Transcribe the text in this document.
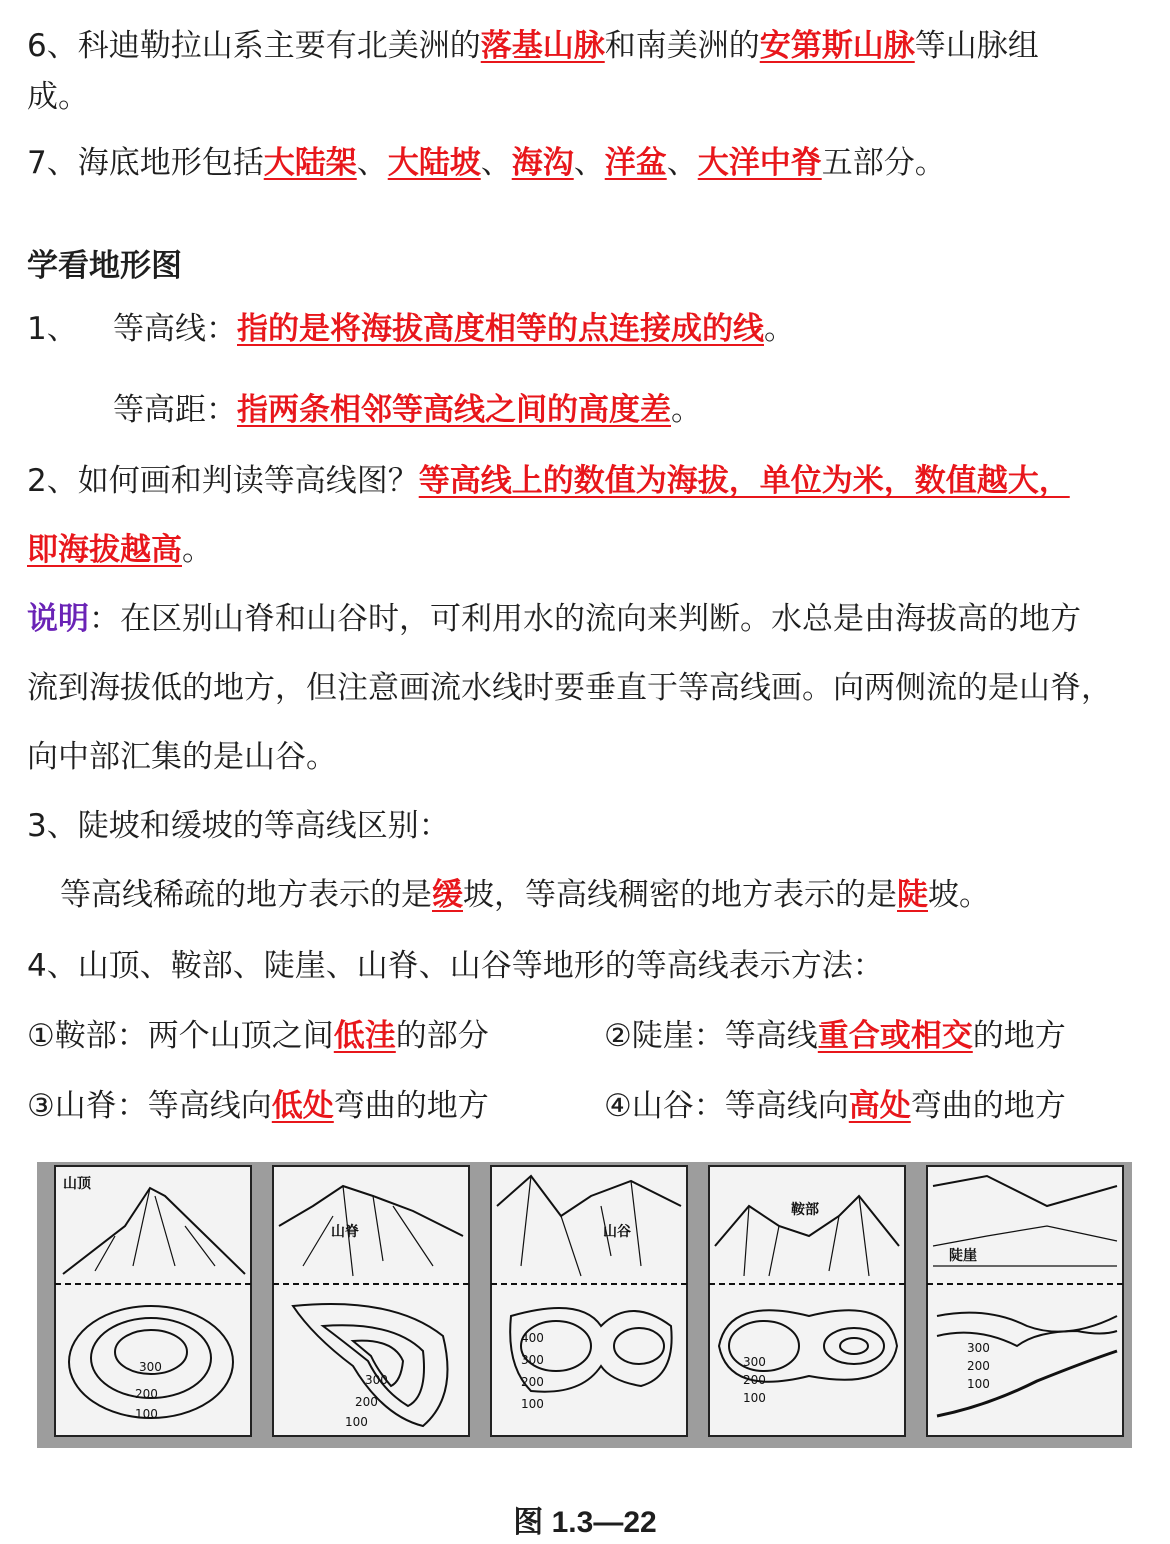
6、科迪勒拉山系主要有北美洲的落基山脉和南美洲的安第斯山脉等山脉组
成。
7、海底地形包括大陆架、大陆坡、海沟、洋盆、大洋中脊五部分。
学看地形图
1、 等高线：指的是将海拔高度相等的点连接成的线。
等高距：指两条相邻等高线之间的高度差。
2、如何画和判读等高线图？等高线上的数值为海拔，单位为米，数值越大，
即海拔越高。
说明：在区别山脊和山谷时，可利用水的流向来判断。水总是由海拔高的地方
流到海拔低的地方，但注意画流水线时要垂直于等高线画。向两侧流的是山脊，
向中部汇集的是山谷。
3、陡坡和缓坡的等高线区别：
等高线稀疏的地方表示的是缓坡，等高线稠密的地方表示的是陡坡。
4、山顶、鞍部、陡崖、山脊、山谷等地形的等高线表示方法：
①鞍部：两个山顶之间低洼的部分	②陡崖：等高线重合或相交的地方
③山脊：等高线向低处弯曲的地方	④山谷：等高线向高处弯曲的地方
山顶
300
200
100
山脊
300
200
100
山谷
400
300
200
100
鞍部
300
200
100
陡崖
300
200
100
图 1.3—22
